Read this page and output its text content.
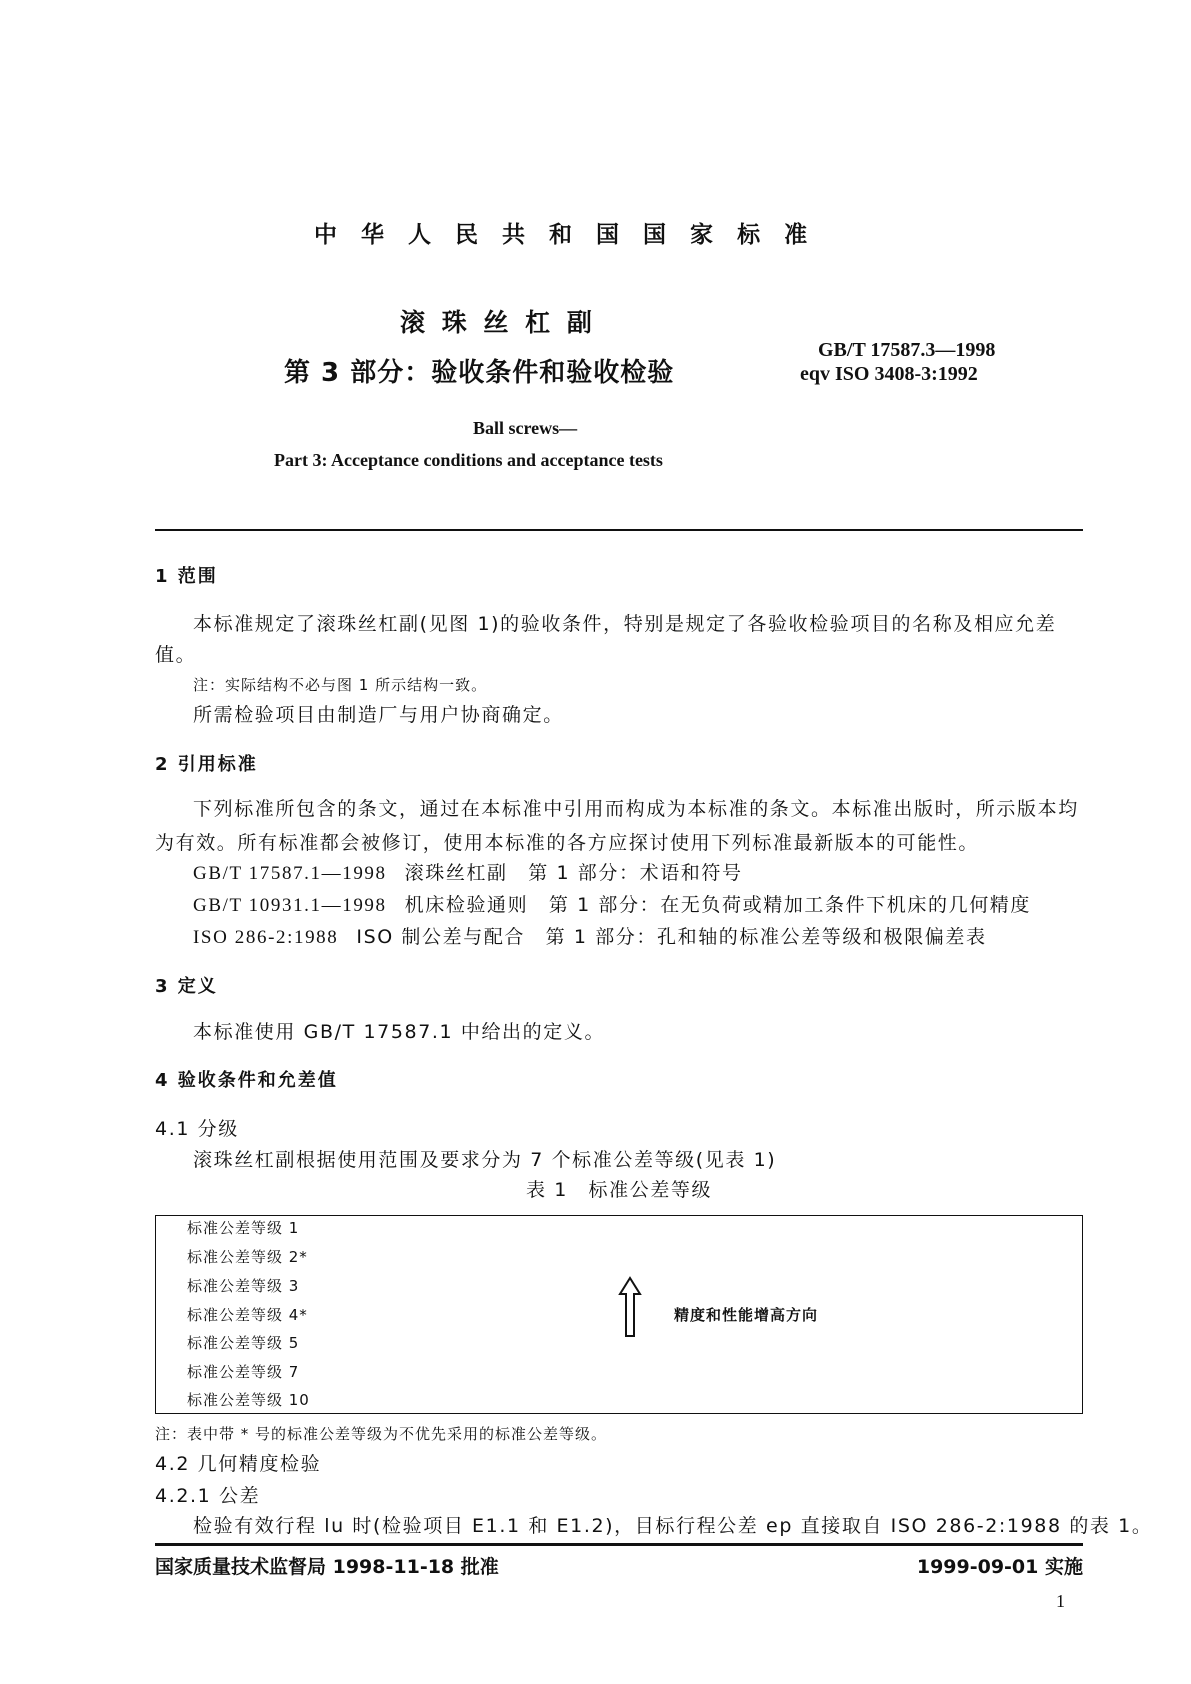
中 华 人 民 共 和 国 国 家 标 准
滚 珠 丝 杠 副
第 3 部分：验收条件和验收检验
GB/T 17587.3—1998
eqv ISO 3408-3:1992
Ball screws—
Part 3: Acceptance conditions and acceptance tests
1 范围
本标准规定了滚珠丝杠副(见图 1)的验收条件，特别是规定了各验收检验项目的名称及相应允差
值。
注：实际结构不必与图 1 所示结构一致。
所需检验项目由制造厂与用户协商确定。
2 引用标准
下列标准所包含的条文，通过在本标准中引用而构成为本标准的条文。本标准出版时，所示版本均
为有效。所有标准都会被修订，使用本标准的各方应探讨使用下列标准最新版本的可能性。
GB/T 17587.1—1998 滚珠丝杠副　第 1 部分：术语和符号
GB/T 10931.1—1998 机床检验通则　第 1 部分：在无负荷或精加工条件下机床的几何精度
ISO 286-2:1988 ISO 制公差与配合　第 1 部分：孔和轴的标准公差等级和极限偏差表
3 定义
本标准使用 GB/T 17587.1 中给出的定义。
4 验收条件和允差值
4.1 分级
滚珠丝杠副根据使用范围及要求分为 7 个标准公差等级(见表 1)
表 1　标准公差等级
标准公差等级 1
标准公差等级 2*
标准公差等级 3
标准公差等级 4*
标准公差等级 5
标准公差等级 7
标准公差等级 10
精度和性能增高方向
注：表中带 * 号的标准公差等级为不优先采用的标准公差等级。
4.2 几何精度检验
4.2.1 公差
检验有效行程 lu 时(检验项目 E1.1 和 E1.2)，目标行程公差 ep 直接取自 ISO 286-2:1988 的表 1。
国家质量技术监督局 1998-11-18 批准	1999-09-01 实施
1
